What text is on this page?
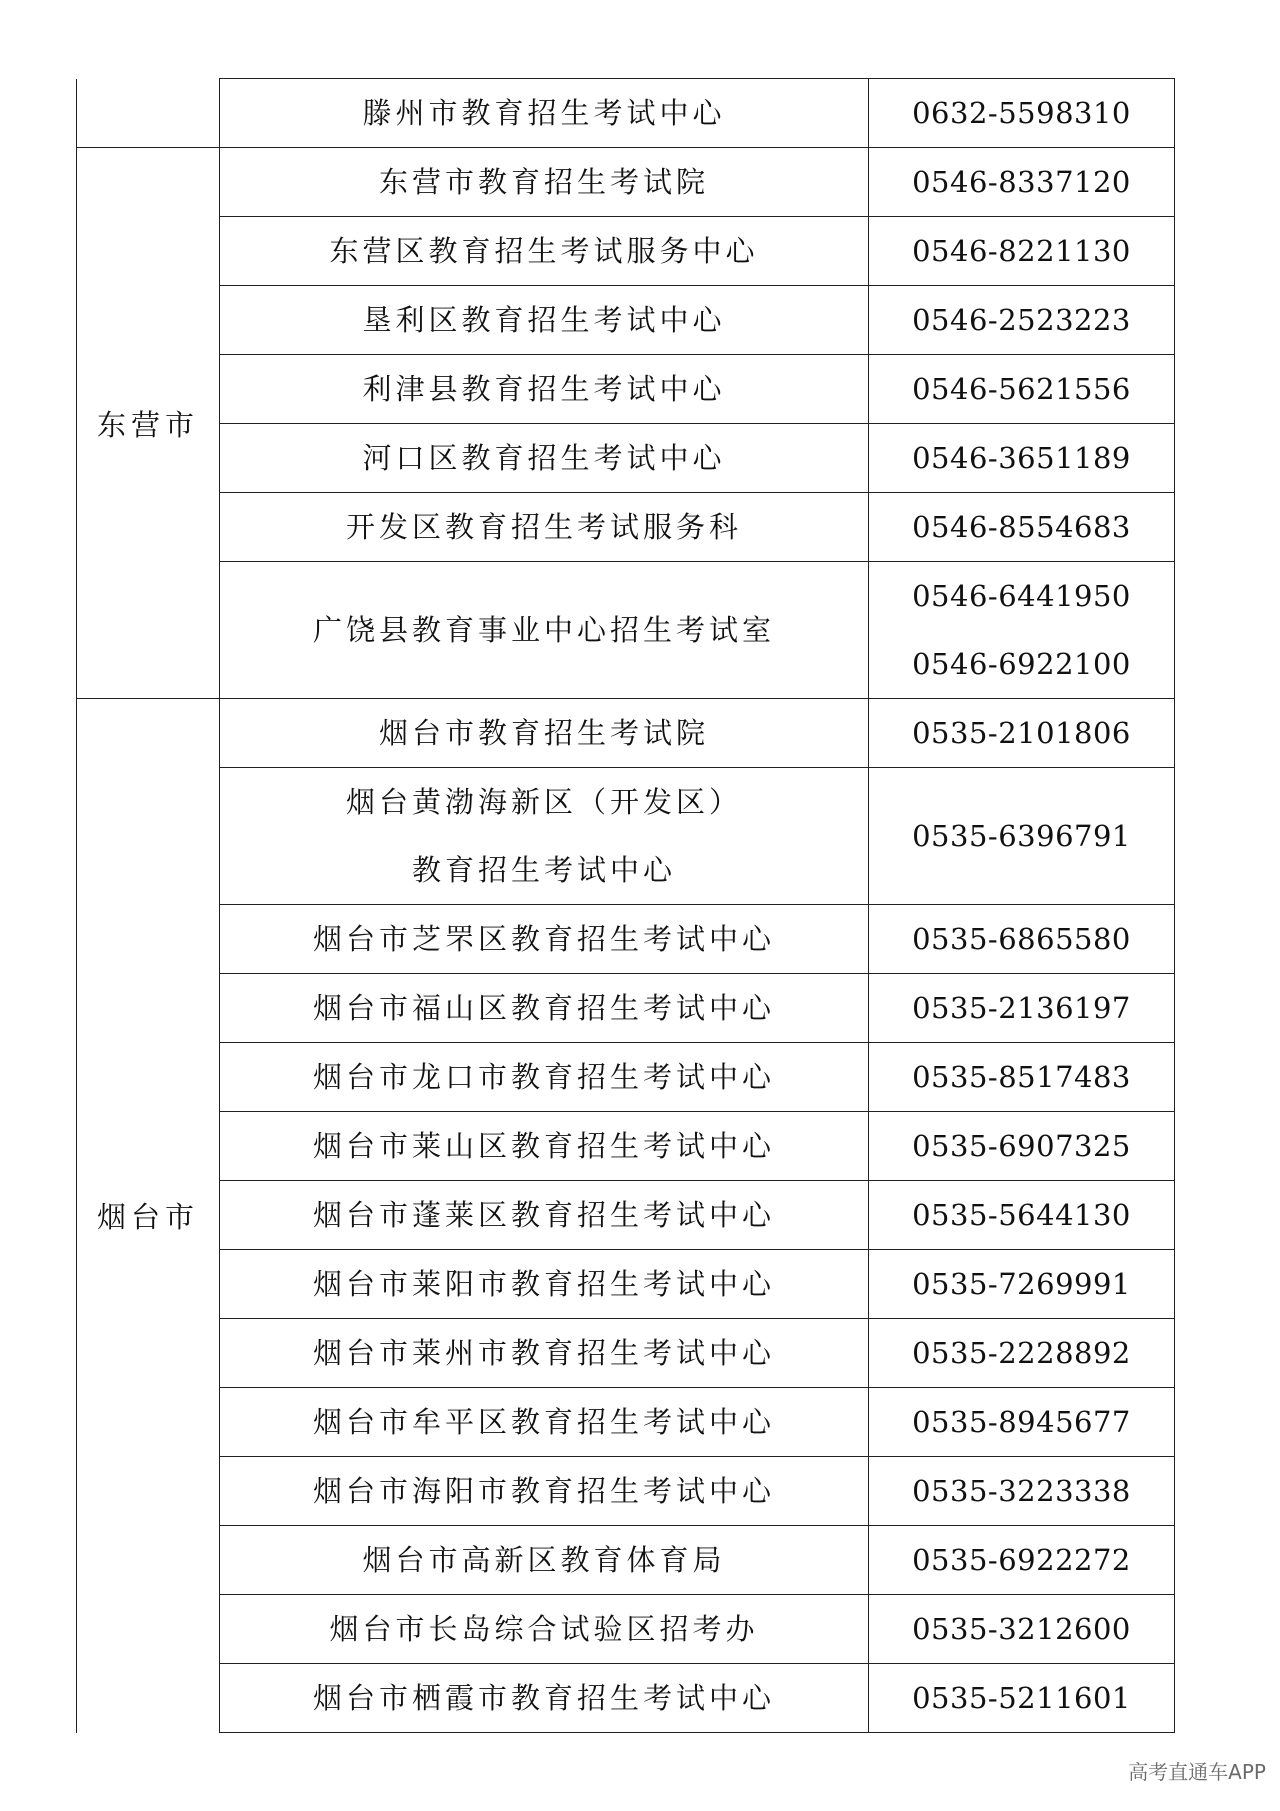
	滕州市教育招生考试中心	0632-5598310

东营市	东营市教育招生考试院	0546-8337120

	东营区教育招生考试服务中心	0546-8221130

	垦利区教育招生考试中心	0546-2523223

	利津县教育招生考试中心	0546-5621556

	河口区教育招生考试中心	0546-3651189

	开发区教育招生考试服务科	0546-8554683

	广饶县教育事业中心招生考试室	0546-6441950
0546-6922100

烟台市	烟台市教育招生考试院	0535-2101806

	烟台黄渤海新区（开发区）
教育招生考试中心	0535-6396791

	烟台市芝罘区教育招生考试中心	0535-6865580

	烟台市福山区教育招生考试中心	0535-2136197

	烟台市龙口市教育招生考试中心	0535-8517483

	烟台市莱山区教育招生考试中心	0535-6907325

	烟台市蓬莱区教育招生考试中心	0535-5644130

	烟台市莱阳市教育招生考试中心	0535-7269991

	烟台市莱州市教育招生考试中心	0535-2228892

	烟台市牟平区教育招生考试中心	0535-8945677

	烟台市海阳市教育招生考试中心	0535-3223338

	烟台市高新区教育体育局	0535-6922272

	烟台市长岛综合试验区招考办	0535-3212600

	烟台市栖霞市教育招生考试中心	0535-5211601
高考直通车APP
